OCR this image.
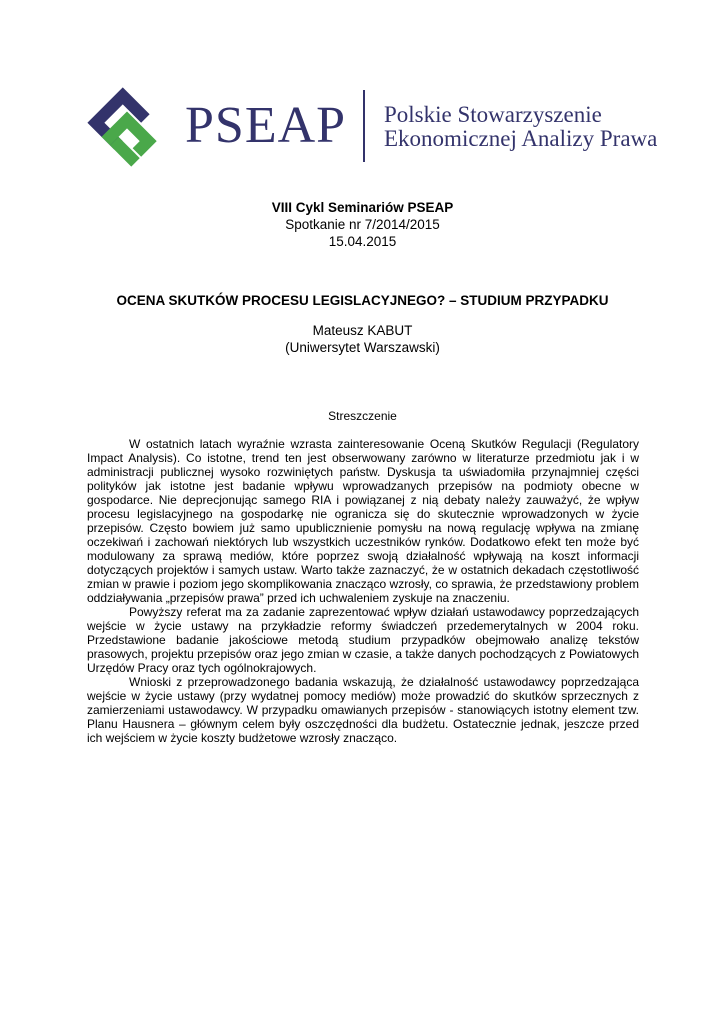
PSEAP Polskie Stowarzyszenie
Ekonomicznej Analizy Prawa
VIII Cykl Seminariów PSEAP
Spotkanie nr 7/2014/2015
15.04.2015
OCENA SKUTKÓW PROCESU LEGISLACYJNEGO? – STUDIUM PRZYPADKU
Mateusz KABUT
(Uniwersytet Warszawski)
Streszczenie

W ostatnich latach wyraźnie wzrasta zainteresowanie Oceną Skutków Regulacji (Regulatory Impact Analysis). Co istotne, trend ten jest obserwowany zarówno w literaturze przedmiotu jak i w administracji publicznej wysoko rozwiniętych państw. Dyskusja ta uświadomiła przynajmniej części polityków jak istotne jest badanie wpływu wprowadzanych przepisów na podmioty obecne w gospodarce. Nie deprecjonując samego RIA i powiązanej z nią debaty należy zauważyć, że wpływ procesu legislacyjnego na gospodarkę nie ogranicza się do skutecznie wprowadzonych w życie przepisów. Często bowiem już samo upublicznienie pomysłu na nową regulację wpływa na zmianę oczekiwań i zachowań niektórych lub wszystkich uczestników rynków. Dodatkowo efekt ten może być modulowany za sprawą mediów, które poprzez swoją działalność wpływają na koszt informacji dotyczących projektów i samych ustaw. Warto także zaznaczyć, że w ostatnich dekadach częstotliwość zmian w prawie i poziom jego skomplikowania znacząco wzrosły, co sprawia, że przedstawiony problem oddziaływania „przepisów prawa” przed ich uchwaleniem zyskuje na znaczeniu.

Powyższy referat ma za zadanie zaprezentować wpływ działań ustawodawcy poprzedzających wejście w życie ustawy na przykładzie reformy świadczeń przedemerytalnych w 2004 roku. Przedstawione badanie jakościowe metodą studium przypadków obejmowało analizę tekstów prasowych, projektu przepisów oraz jego zmian w czasie, a także danych pochodzących z Powiatowych Urzędów Pracy oraz tych ogólnokrajowych.

Wnioski z przeprowadzonego badania wskazują, że działalność ustawodawcy poprzedzająca wejście w życie ustawy (przy wydatnej pomocy mediów) może prowadzić do skutków sprzecznych z zamierzeniami ustawodawcy. W przypadku omawianych przepisów - stanowiących istotny element tzw. Planu Hausnera – głównym celem były oszczędności dla budżetu. Ostatecznie jednak, jeszcze przed ich wejściem w życie koszty budżetowe wzrosły znacząco.
